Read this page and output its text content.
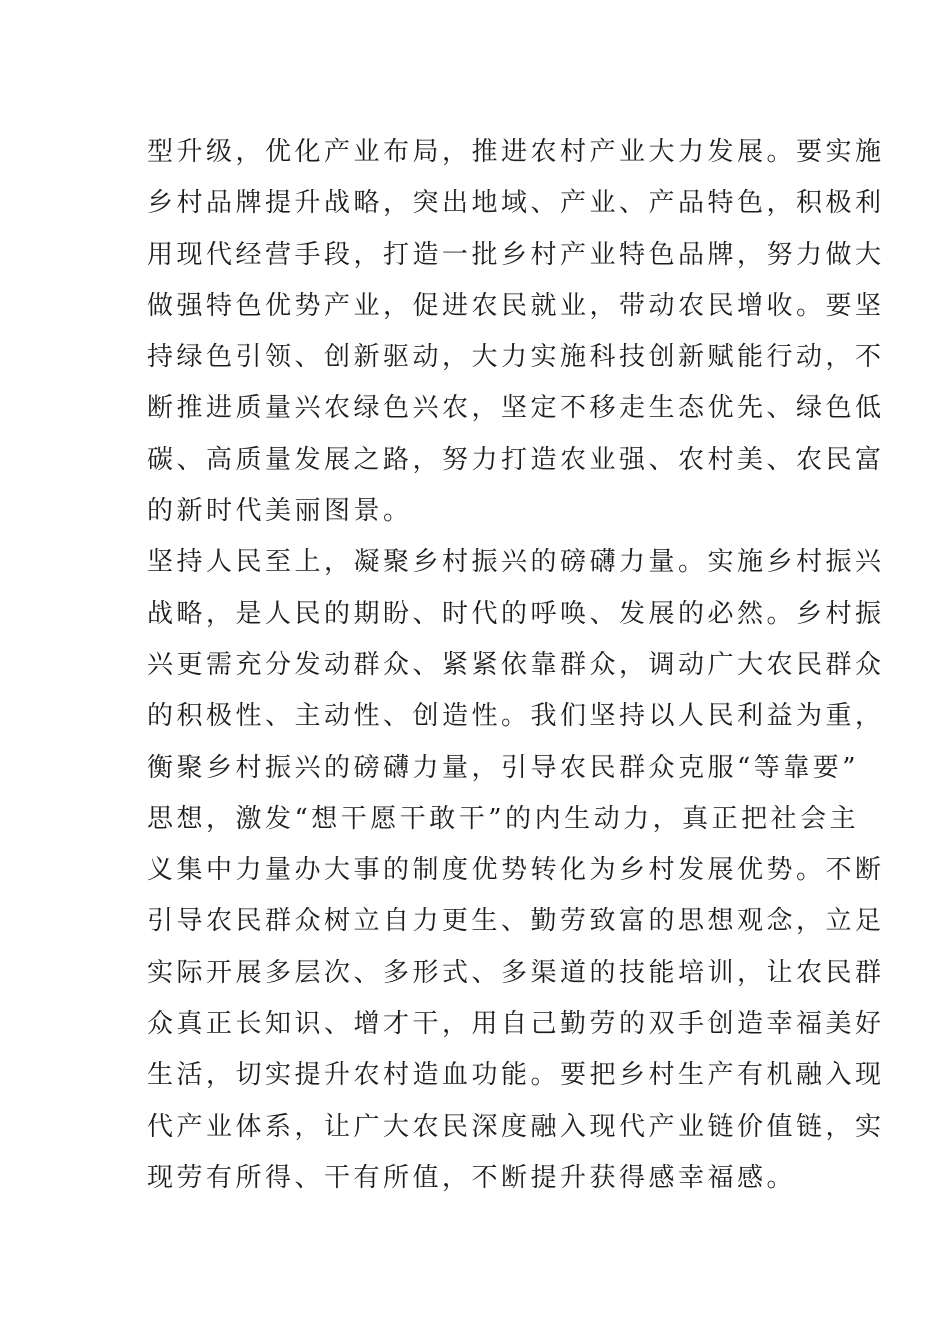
型升级，优化产业布局，推进农村产业大力发展。要实施
乡村品牌提升战略，突出地域、产业、产品特色，积极利
用现代经营手段，打造一批乡村产业特色品牌，努力做大
做强特色优势产业，促进农民就业，带动农民增收。要坚
持绿色引领、创新驱动，大力实施科技创新赋能行动，不
断推进质量兴农绿色兴农，坚定不移走生态优先、绿色低
碳、高质量发展之路，努力打造农业强、农村美、农民富
的新时代美丽图景。
坚持人民至上，凝聚乡村振兴的磅礴力量。实施乡村振兴
战略，是人民的期盼、时代的呼唤、发展的必然。乡村振
兴更需充分发动群众、紧紧依靠群众，调动广大农民群众
的积极性、主动性、创造性。我们坚持以人民利益为重，
衡聚乡村振兴的磅礴力量，引导农民群众克服“等靠要”
思想，激发“想干愿干敢干”的内生动力，真正把社会主
义集中力量办大事的制度优势转化为乡村发展优势。不断
引导农民群众树立自力更生、勤劳致富的思想观念，立足
实际开展多层次、多形式、多渠道的技能培训，让农民群
众真正长知识、增才干，用自己勤劳的双手创造幸福美好
生活，切实提升农村造血功能。要把乡村生产有机融入现
代产业体系，让广大农民深度融入现代产业链价值链，实
现劳有所得、干有所值，不断提升获得感幸福感。
